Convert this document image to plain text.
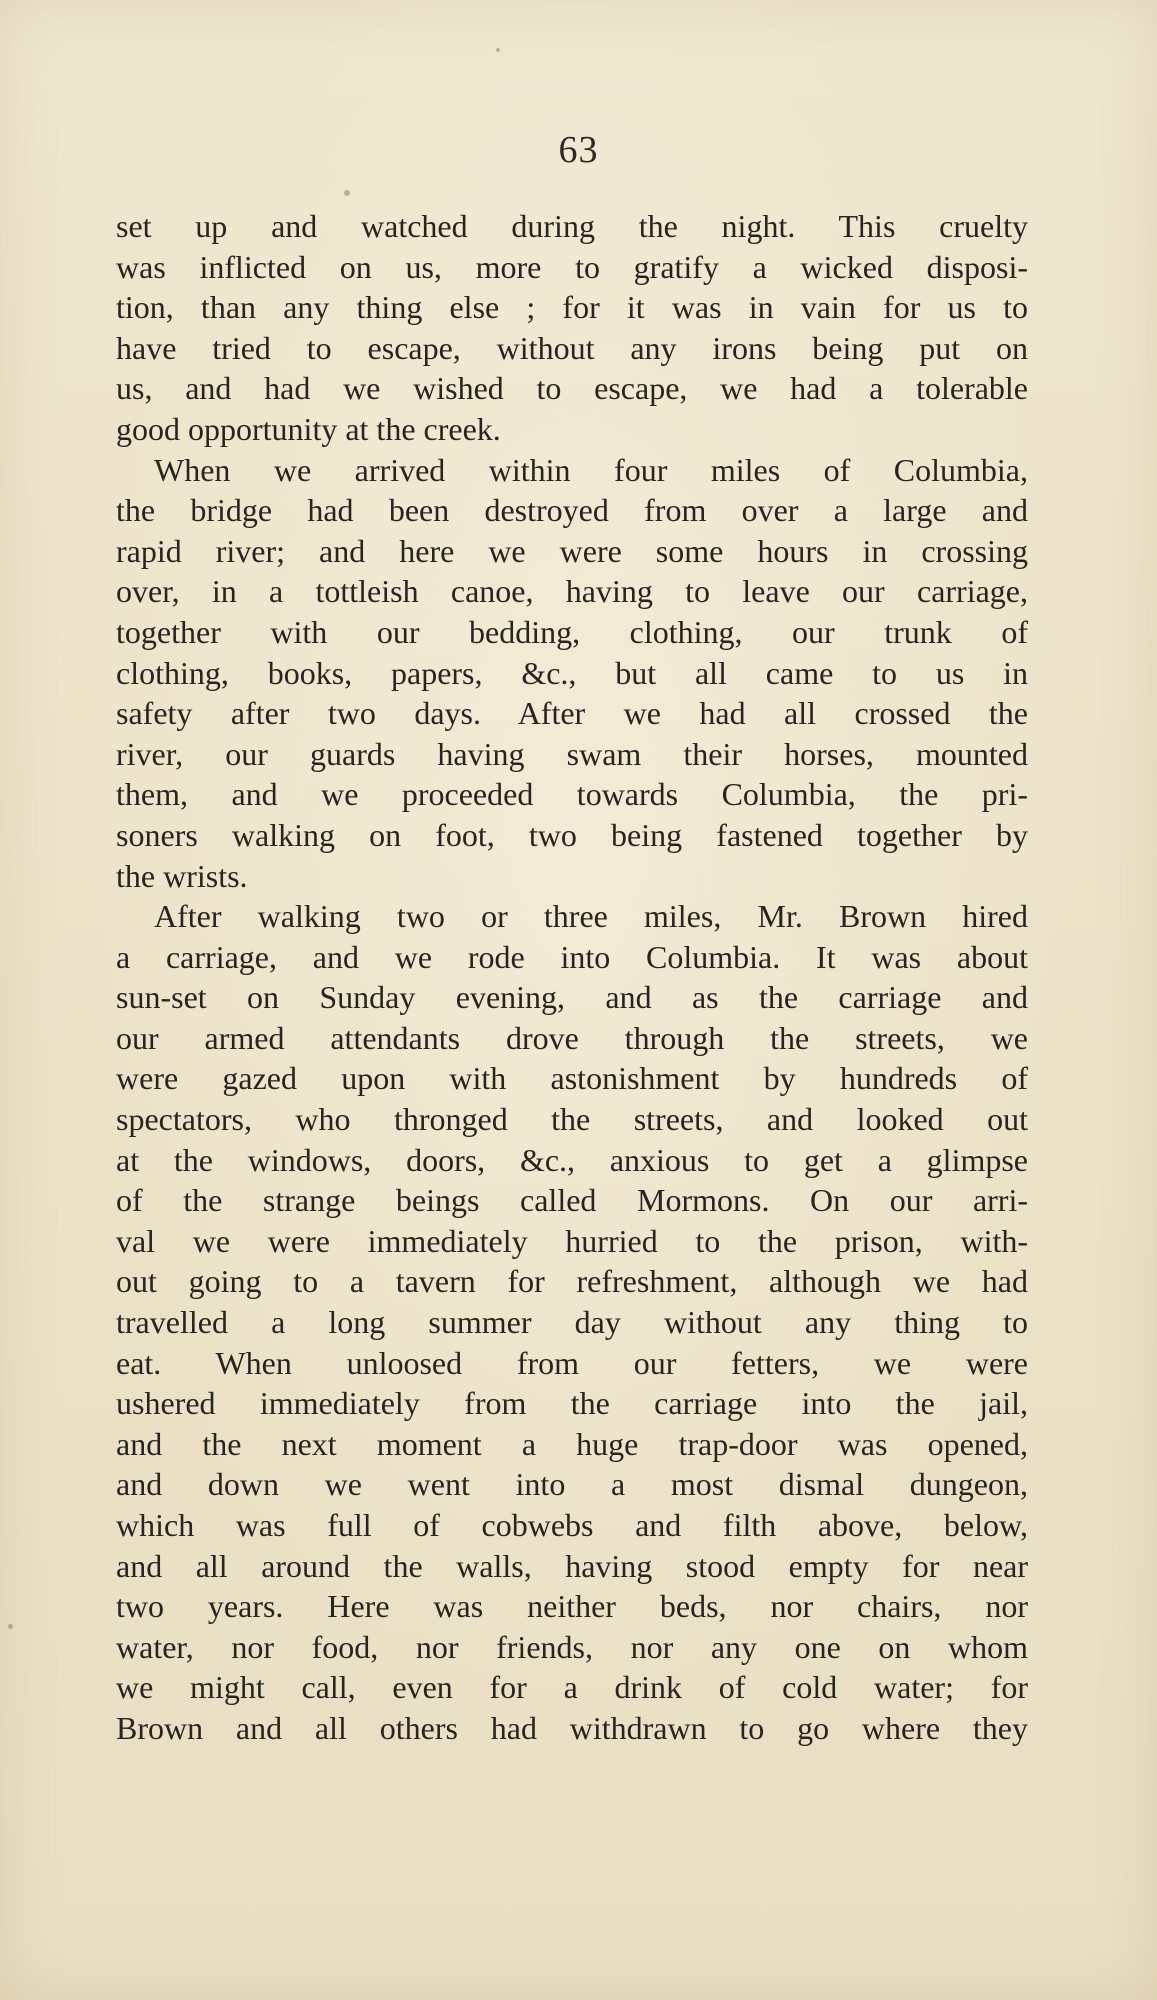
63
set up and watched during the night. This cruelty
was inflicted on us, more to gratify a wicked disposi-
tion, than any thing else ; for it was in vain for us to
have tried to escape, without any irons being put on
us, and had we wished to escape, we had a tolerable
good opportunity at the creek.
When we arrived within four miles of Columbia,
the bridge had been destroyed from over a large and
rapid river; and here we were some hours in crossing
over, in a tottleish canoe, having to leave our carriage,
together with our bedding, clothing, our trunk of
clothing, books, papers, &c., but all came to us in
safety after two days. After we had all crossed the
river, our guards having swam their horses, mounted
them, and we proceeded towards Columbia, the pri-
soners walking on foot, two being fastened together by
the wrists.
After walking two or three miles, Mr. Brown hired
a carriage, and we rode into Columbia. It was about
sun-set on Sunday evening, and as the carriage and
our armed attendants drove through the streets, we
were gazed upon with astonishment by hundreds of
spectators, who thronged the streets, and looked out
at the windows, doors, &c., anxious to get a glimpse
of the strange beings called Mormons. On our arri-
val we were immediately hurried to the prison, with-
out going to a tavern for refreshment, although we had
travelled a long summer day without any thing to
eat. When unloosed from our fetters, we were
ushered immediately from the carriage into the jail,
and the next moment a huge trap-door was opened,
and down we went into a most dismal dungeon,
which was full of cobwebs and filth above, below,
and all around the walls, having stood empty for near
two years. Here was neither beds, nor chairs, nor
water, nor food, nor friends, nor any one on whom
we might call, even for a drink of cold water; for
Brown and all others had withdrawn to go where they
